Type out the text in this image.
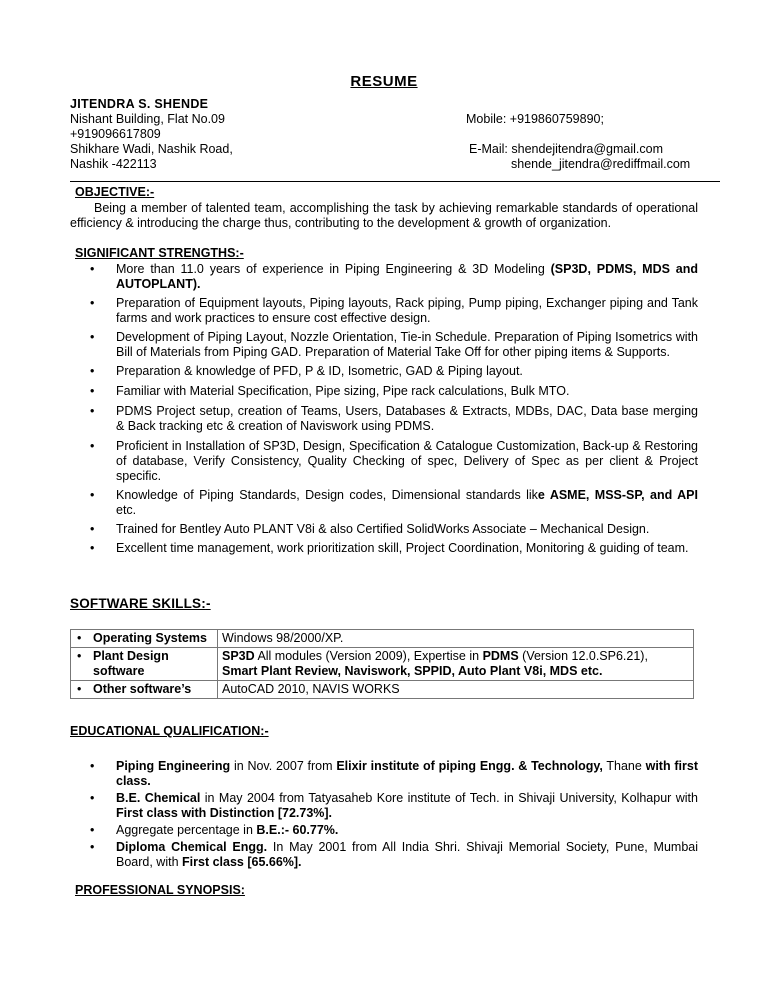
RESUME
JITENDRA S. SHENDE
Nishant Building, Flat No.09	Mobile: +919860759890;
+919096617809
Shikhare Wadi, Nashik Road,	E-Mail: shendejitendra@gmail.com
Nashik -422113	shende_jitendra@rediffmail.com
OBJECTIVE:-
Being a member of talented team, accomplishing the task by achieving remarkable standards of operational efficiency & introducing the charge thus, contributing to the development & growth of organization.
SIGNIFICANT STRENGTHS:-
• More than 11.0 years of experience in Piping Engineering & 3D Modeling (SP3D, PDMS, MDS and AUTOPLANT).
• Preparation of Equipment layouts, Piping layouts, Rack piping, Pump piping, Exchanger piping and Tank farms and work practices to ensure cost effective design.
• Development of Piping Layout, Nozzle Orientation, Tie-in Schedule. Preparation of Piping Isometrics with Bill of Materials from Piping GAD. Preparation of Material Take Off for other piping items & Supports.
• Preparation & knowledge of PFD, P & ID, Isometric, GAD & Piping layout.
• Familiar with Material Specification, Pipe sizing, Pipe rack calculations, Bulk MTO.
• PDMS Project setup, creation of Teams, Users, Databases & Extracts, MDBs, DAC, Data base merging & Back tracking etc & creation of Naviswork using PDMS.
• Proficient in Installation of SP3D, Design, Specification & Catalogue Customization, Back-up & Restoring of database, Verify Consistency, Quality Checking of spec, Delivery of Spec as per client & Project specific.
• Knowledge of Piping Standards, Design codes, Dimensional standards like ASME, MSS-SP, and API etc.
• Trained for Bentley Auto PLANT V8i & also Certified SolidWorks Associate – Mechanical Design.
• Excellent time management, work prioritization skill, Project Coordination, Monitoring & guiding of team.
SOFTWARE SKILLS:-
•	Operating Systems	Windows 98/2000/XP.
•	Plant Design software	SP3D All modules (Version 2009), Expertise in PDMS (Version 12.0.SP6.21),
Smart Plant Review, Naviswork, SPPID, Auto Plant V8i, MDS etc.
•	Other software’s	AutoCAD 2010, NAVIS WORKS
EDUCATIONAL QUALIFICATION:-
• Piping Engineering in Nov. 2007 from Elixir institute of piping Engg. & Technology, Thane with first class.
• B.E. Chemical in May 2004 from Tatyasaheb Kore institute of Tech. in Shivaji University, Kolhapur with First class with Distinction [72.73%].
• Aggregate percentage in B.E.:- 60.77%.
• Diploma Chemical Engg. In May 2001 from All India Shri. Shivaji Memorial Society, Pune, Mumbai Board, with First class [65.66%].
PROFESSIONAL SYNOPSIS:
